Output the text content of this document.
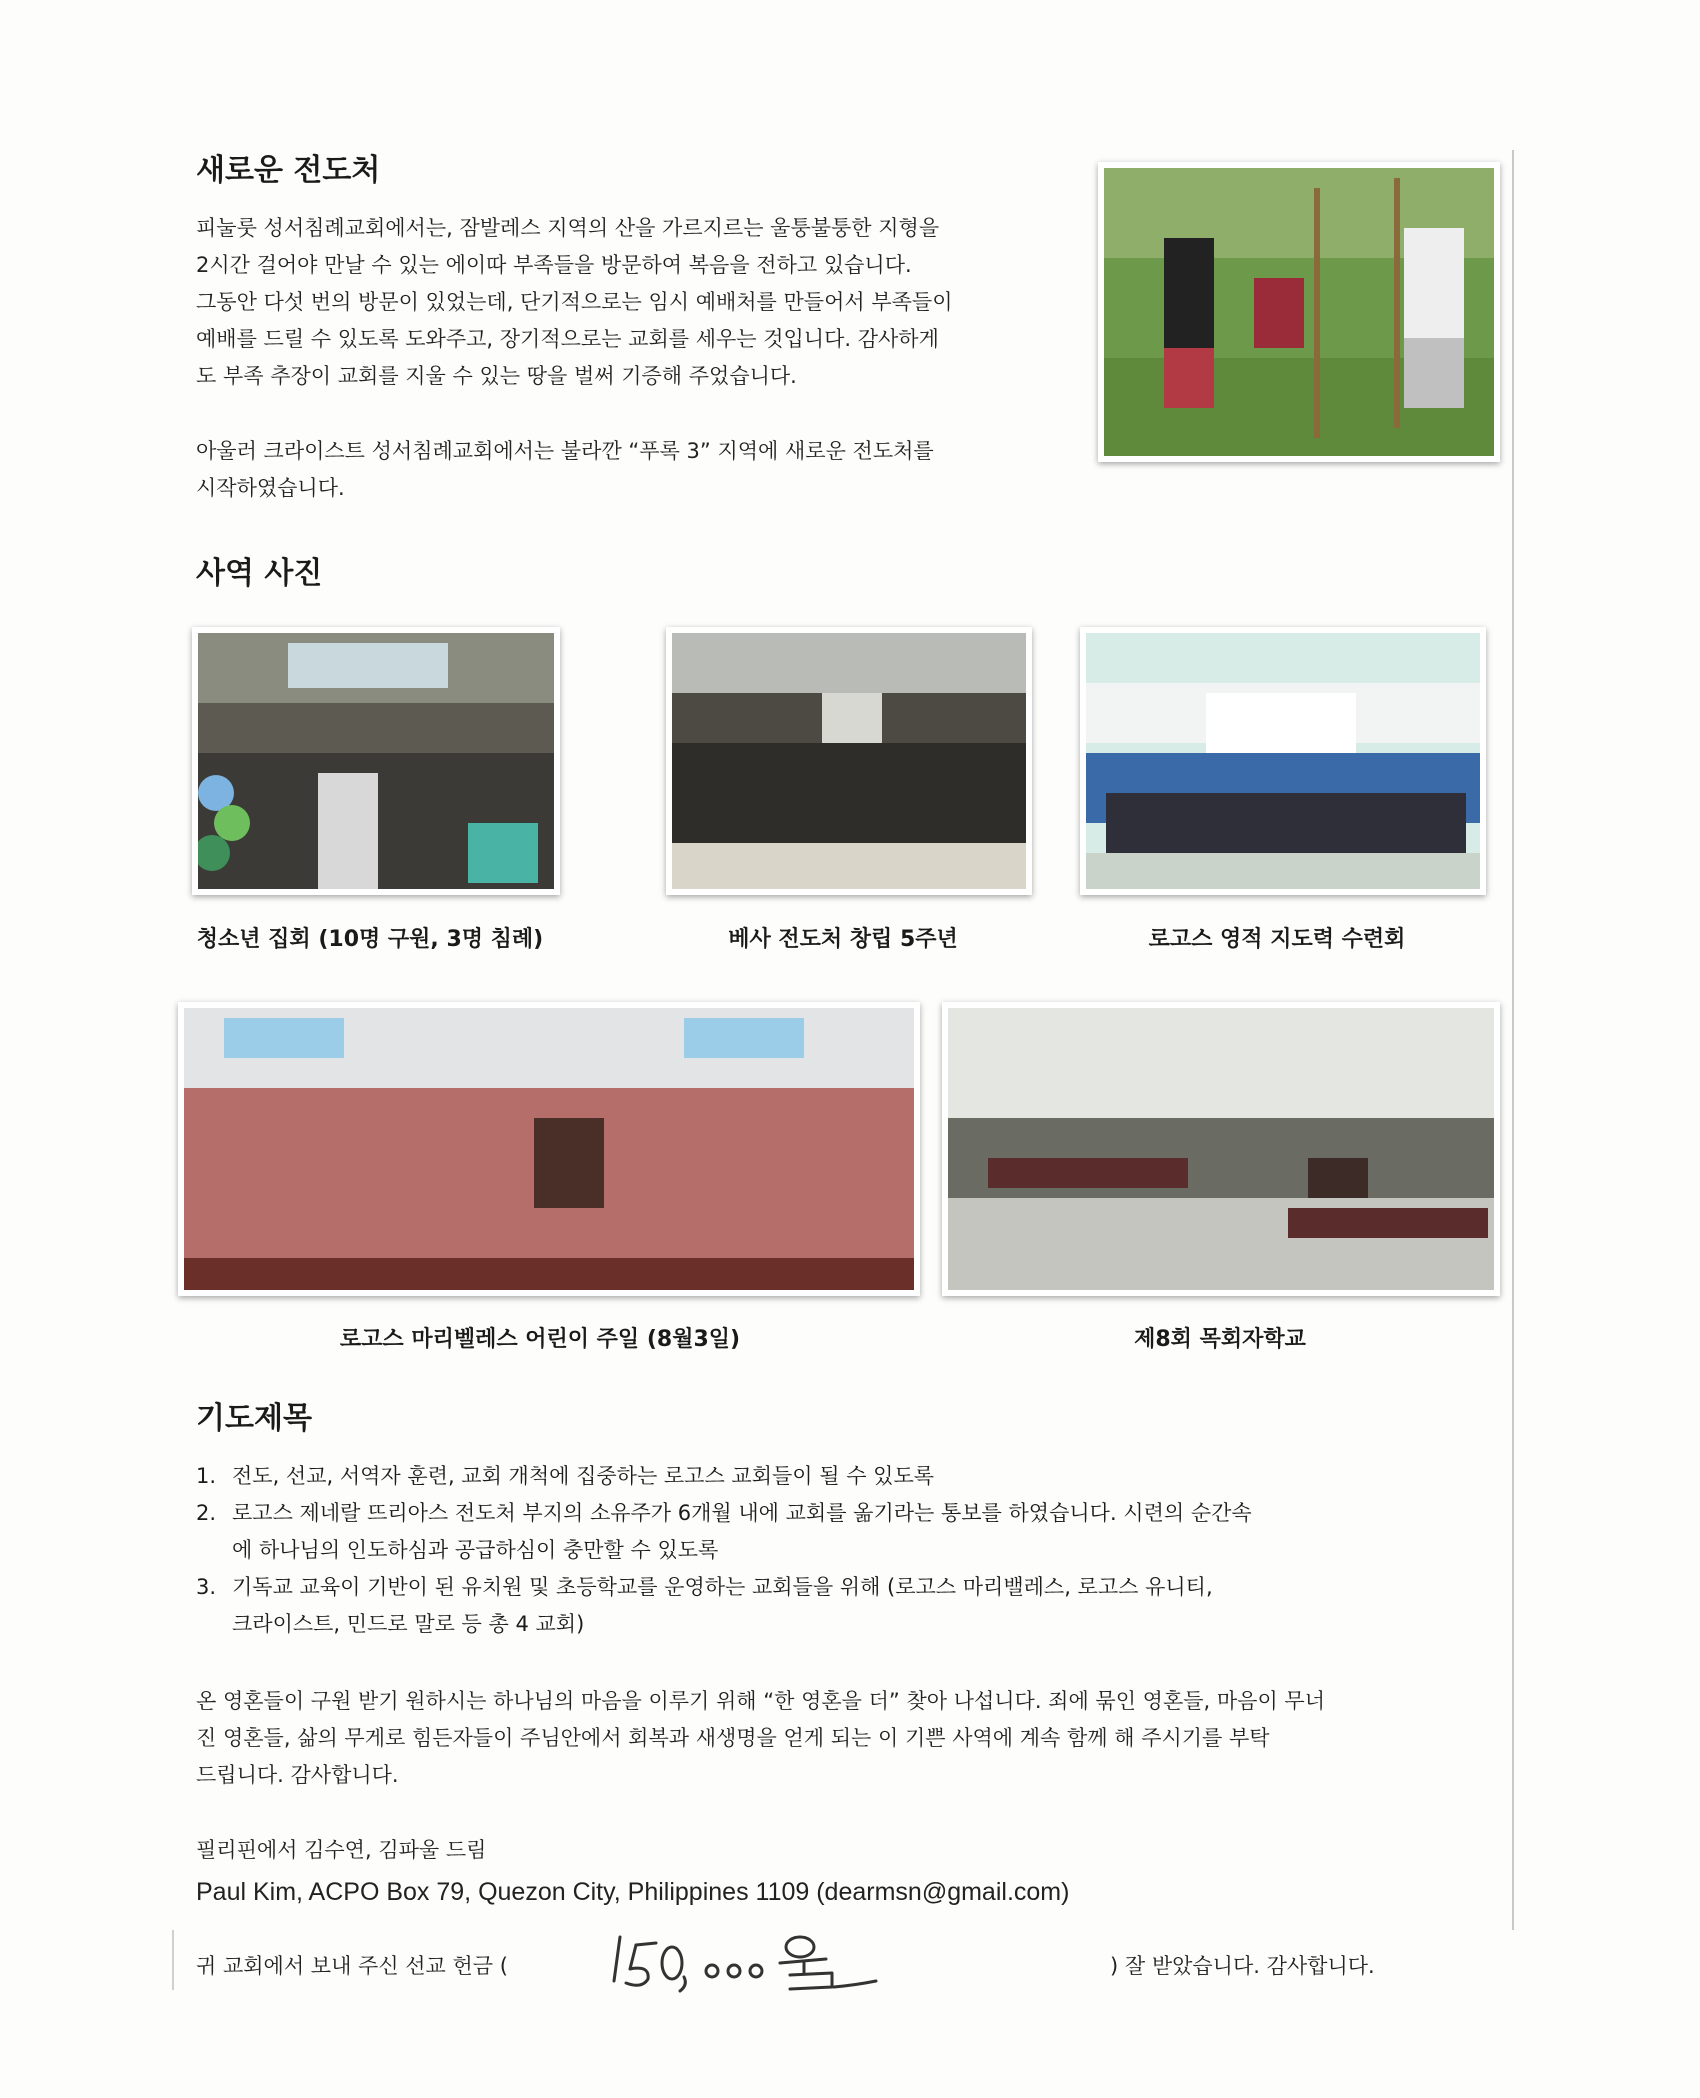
새로운 전도처
피눌룻 성서침례교회에서는, 잠발레스 지역의 산을 가르지르는 울퉁불퉁한 지형을
2시간 걸어야 만날 수 있는 에이따 부족들을 방문하여 복음을 전하고 있습니다.
그동안 다섯 번의 방문이 있었는데, 단기적으로는 임시 예배처를 만들어서 부족들이
예배를 드릴 수 있도록 도와주고, 장기적으로는 교회를 세우는 것입니다. 감사하게
도 부족 추장이 교회를 지울 수 있는 땅을 벌써 기증해 주었습니다.
아울러 크라이스트 성서침례교회에서는 불라깐 “푸록 3” 지역에 새로운 전도처를
시작하였습니다.
사역 사진
청소년 집회 (10명 구원, 3명 침례)	베사 전도처 창립 5주년	로고스 영적 지도력 수련회
로고스 마리벨레스 어린이 주일 (8월3일)	제8회 목회자학교
기도제목
1. 전도, 선교, 서역자 훈련, 교회 개척에 집중하는 로고스 교회들이 될 수 있도록
2. 로고스 제네랄 뜨리아스 전도처 부지의 소유주가 6개월 내에 교회를 옮기라는 통보를 하였습니다. 시련의 순간속
에 하나님의 인도하심과 공급하심이 충만할 수 있도록
3. 기독교 교육이 기반이 된 유치원 및 초등학교를 운영하는 교회들을 위해 (로고스 마리밸레스, 로고스 유니티,
크라이스트, 민드로 말로 등 총 4 교회)
온 영혼들이 구원 받기 원하시는 하나님의 마음을 이루기 위해 “한 영혼을 더” 찾아 나섭니다. 죄에 묶인 영혼들, 마음이 무너
진 영혼들, 삶의 무게로 힘든자들이 주님안에서 회복과 새생명을 얻게 되는 이 기쁜 사역에 계속 함께 해 주시기를 부탁
드립니다. 감사합니다.
필리핀에서 김수연, 김파울 드림
Paul Kim, ACPO Box 79, Quezon City, Philippines 1109 (dearmsn@gmail.com)
귀 교회에서 보내 주신 선교 헌금 (	) 잘 받았습니다. 감사합니다.
